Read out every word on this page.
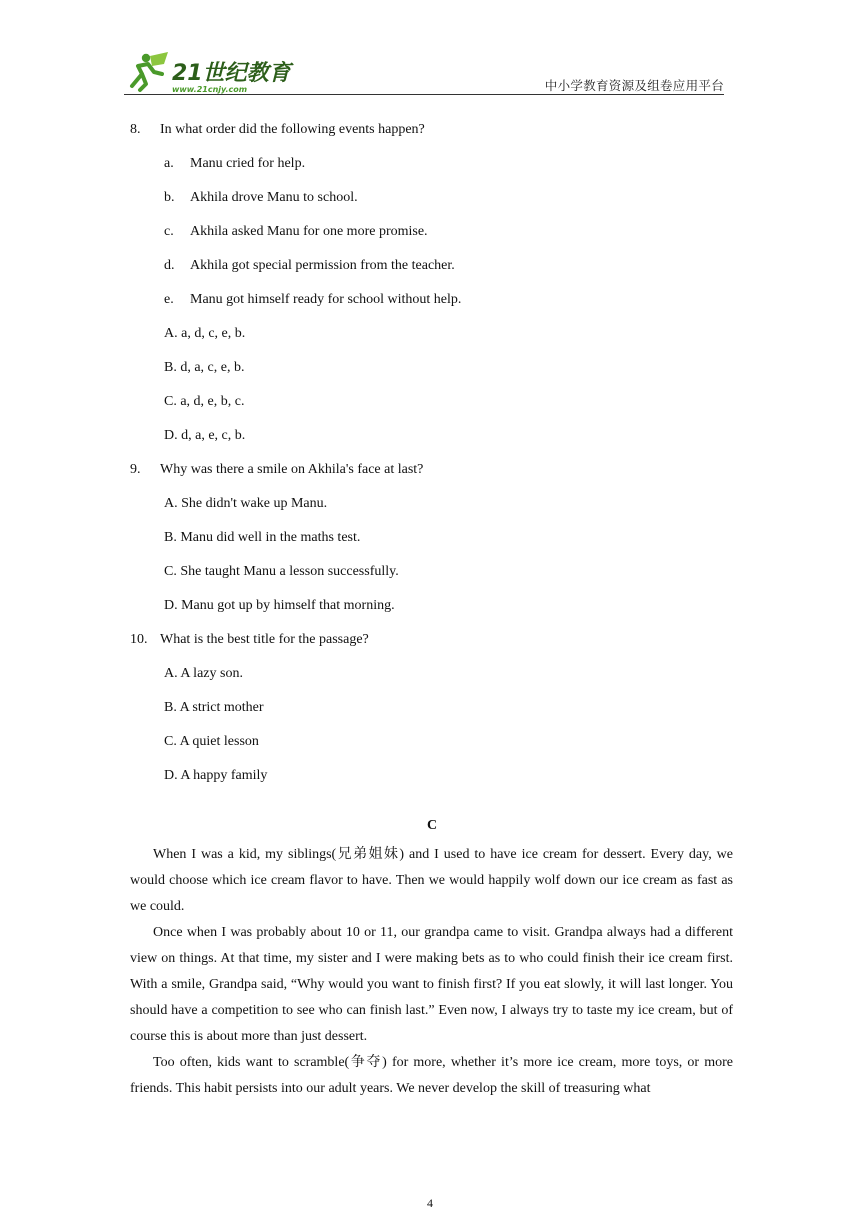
21世纪教育
www.21cnjy.com	中小学教育资源及组卷应用平台
8. In what order did the following events happen?
a. Manu cried for help.
b. Akhila drove Manu to school.
c. Akhila asked Manu for one more promise.
d. Akhila got special permission from the teacher.
e. Manu got himself ready for school without help.
A. a, d, c, e, b.
B. d, a, c, e, b.
C. a, d, e, b, c.
D. d, a, e, c, b.
9. Why was there a smile on Akhila's face at last?
A. She didn't wake up Manu.
B. Manu did well in the maths test.
C. She taught Manu a lesson successfully.
D. Manu got up by himself that morning.
10. What is the best title for the passage?
A. A lazy son.
B. A strict mother
C. A quiet lesson
D. A happy family
C

When I was a kid, my siblings(兄弟姐妹) and I used to have ice cream for dessert. Every day, we would choose which ice cream flavor to have. Then we would happily wolf down our ice cream as fast as we could.

Once when I was probably about 10 or 11, our grandpa came to visit. Grandpa always had a different view on things. At that time, my sister and I were making bets as to who could finish their ice cream first. With a smile, Grandpa said, “Why would you want to finish first? If you eat slowly, it will last longer. You should have a competition to see who can finish last.” Even now, I always try to taste my ice cream, but of course this is about more than just dessert.

Too often, kids want to scramble(争夺) for more, whether it’s more ice cream, more toys, or more friends. This habit persists into our adult years. We never develop the skill of treasuring what

4
